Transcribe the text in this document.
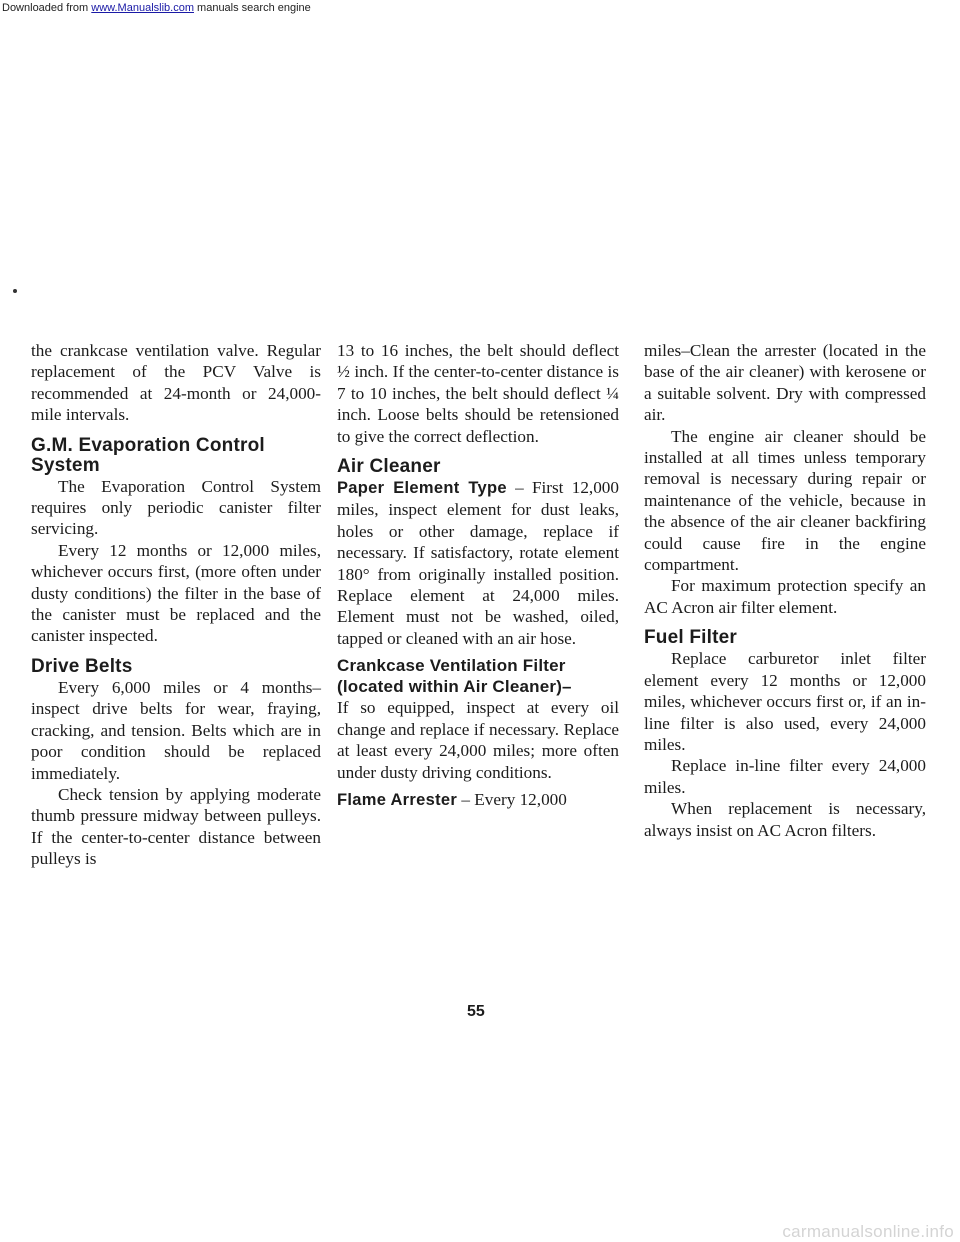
Downloaded from www.Manualslib.com manuals search engine

the crankcase ventilation valve. Regular replacement of the PCV Valve is recommended at 24-month or 24,000-mile intervals.

G.M. Evaporation Control System

The Evaporation Control System requires only periodic canister filter servicing.

Every 12 months or 12,000 miles, whichever occurs first, (more often under dusty conditions) the filter in the base of the canister must be replaced and the canister inspected.

Drive Belts

Every 6,000 miles or 4 months– inspect drive belts for wear, fraying, cracking, and tension. Belts which are in poor condition should be replaced immediately.

Check tension by applying moderate thumb pressure midway between pulleys. If the center-to-center distance between pulleys is

13 to 16 inches, the belt should deflect ½ inch. If the center-to-center distance is 7 to 10 inches, the belt should deflect ¼ inch. Loose belts should be retensioned to give the correct deflection.

Air Cleaner

Paper Element Type – First 12,000 miles, inspect element for dust leaks, holes or other damage, replace if necessary. If satisfactory, rotate element 180° from originally installed position. Replace element at 24,000 miles. Element must not be washed, oiled, tapped or cleaned with an air hose.

Crankcase Ventilation Filter (located within Air Cleaner)–

If so equipped, inspect at every oil change and replace if necessary. Replace at least every 24,000 miles; more often under dusty driving conditions.

Flame Arrester – Every 12,000

miles–Clean the arrester (located in the base of the air cleaner) with kerosene or a suitable solvent. Dry with compressed air.

The engine air cleaner should be installed at all times unless temporary removal is necessary during repair or maintenance of the vehicle, because in the absence of the air cleaner backfiring could cause fire in the engine compartment.

For maximum protection specify an AC Acron air filter element.

Fuel Filter

Replace carburetor inlet filter element every 12 months or 12,000 miles, whichever occurs first or, if an in-line filter is also used, every 24,000 miles.

Replace in-line filter every 24,000 miles.

When replacement is necessary, always insist on AC Acron filters.

55
carmanualsonline.info
